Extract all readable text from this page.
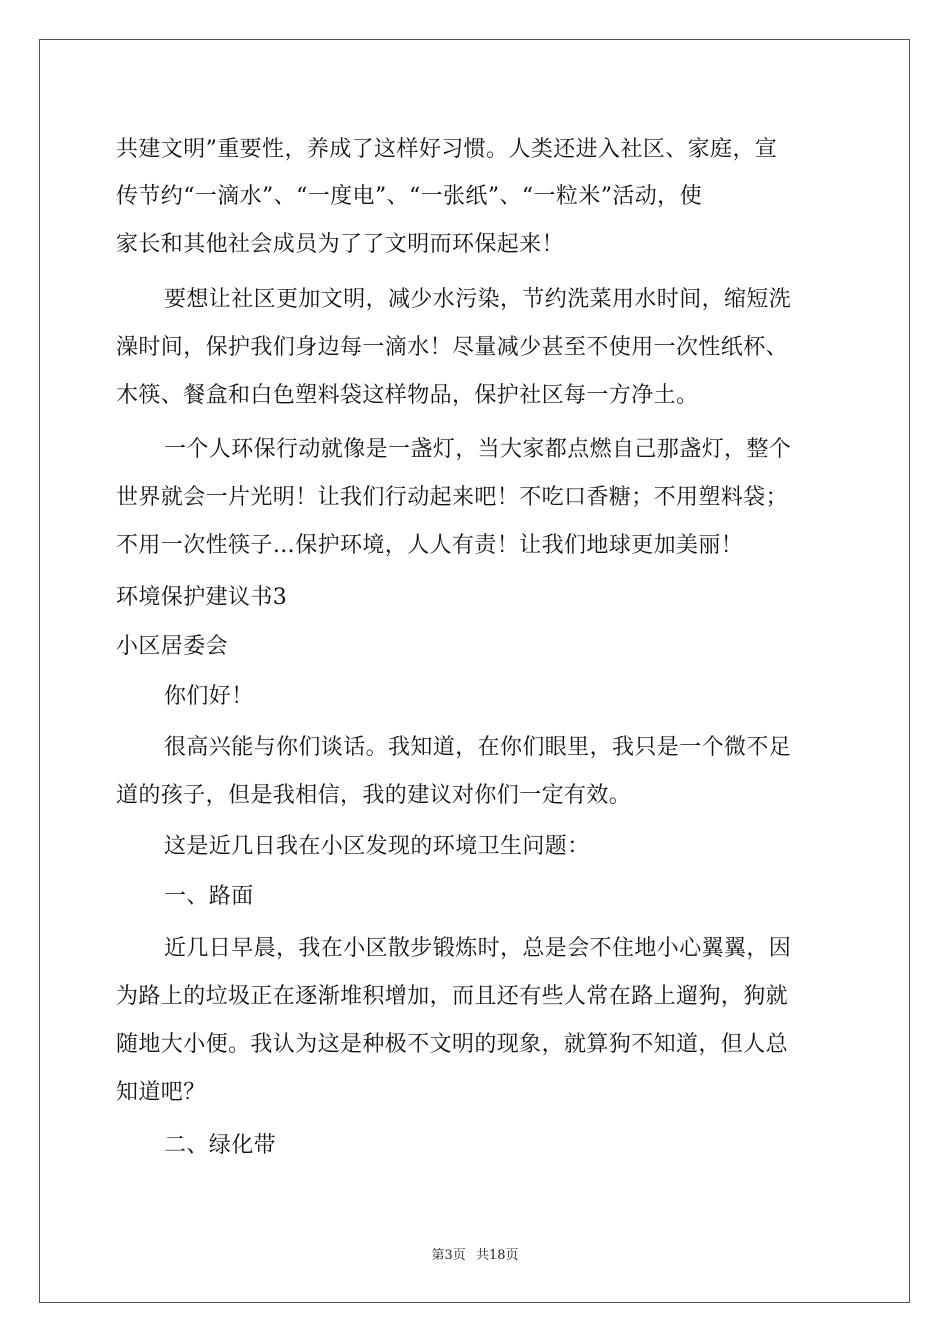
共建文明”重要性，养成了这样好习惯。人类还进入社区、家庭，宣
传节约“一滴水”、“一度电”、“一张纸”、“一粒米”活动，使
家长和其他社会成员为了了文明而环保起来！
要想让社区更加文明，减少水污染，节约洗菜用水时间，缩短洗
澡时间，保护我们身边每一滴水！尽量减少甚至不使用一次性纸杯、
木筷、餐盒和白色塑料袋这样物品，保护社区每一方净土。
一个人环保行动就像是一盏灯，当大家都点燃自己那盏灯，整个
世界就会一片光明！让我们行动起来吧！不吃口香糖；不用塑料袋；
不用一次性筷子…保护环境，人人有责！让我们地球更加美丽！
环境保护建议书3
小区居委会
你们好！
很高兴能与你们谈话。我知道，在你们眼里，我只是一个微不足
道的孩子，但是我相信，我的建议对你们一定有效。
这是近几日我在小区发现的环境卫生问题：
一、路面
近几日早晨，我在小区散步锻炼时，总是会不住地小心翼翼，因
为路上的垃圾正在逐渐堆积增加，而且还有些人常在路上遛狗，狗就
随地大小便。我认为这是种极不文明的现象，就算狗不知道，但人总
知道吧？
二、绿化带
第3页 共18页
